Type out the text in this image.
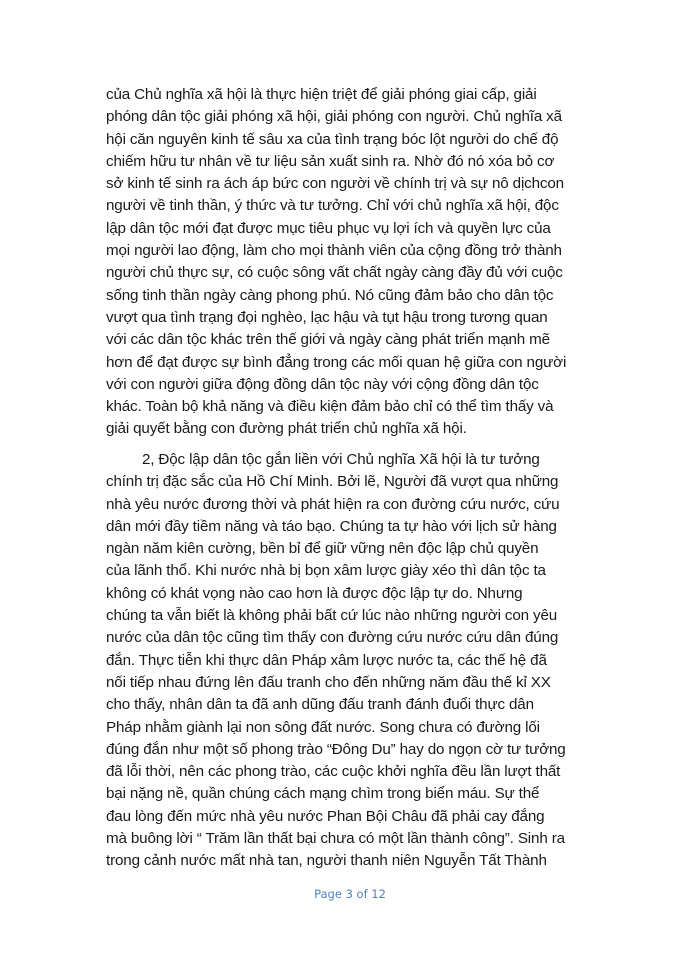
của Chủ nghĩa xã hội là thực hiện triệt để giải phóng giai cấp, giải
phóng dân tộc giải phóng xã hội, giải phóng con người. Chủ nghĩa xã
hội căn nguyên kinh tế sâu xa của tình trạng bóc lột người do chế độ
chiếm hữu tư nhân về tư liệu sản xuất sinh ra. Nhờ đó nó xóa bỏ cơ
sở kinh tế sinh ra ách áp bức con người về chính trị và sự nô dịchcon
người về tinh thần, ý thức và tư tưởng. Chỉ với chủ nghĩa xã hội, độc
lập dân tộc mới đạt được mục tiêu phục vụ lợi ích và quyền lực của
mọi người lao động, làm cho mọi thành viên của cộng đồng trở thành
người chủ thực sự, có cuộc sông vất chất ngày càng đầy đủ với cuộc
sống tinh thần ngày càng phong phú. Nó cũng đảm bảo cho dân tộc
vượt qua tình trạng đọi nghèo, lạc hậu và tụt hậu trong tương quan
với các dân tộc khác trên thế giới và ngày càng phát triển mạnh mẽ
hơn để đạt được sự bình đẳng trong các mối quan hệ giữa con người
với con người giữa động đồng dân tộc này với cộng đồng dân tộc
khác. Toàn bộ khả năng và điều kiện đảm bảo chỉ có thể tìm thấy và
giải quyết bằng con đường phát triển chủ nghĩa xã hội.
2, Độc lập dân tộc gắn liền với Chủ nghĩa Xã hội là tư tưởng
chính trị đặc sắc của Hồ Chí Minh. Bởi lẽ, Người đã vượt qua những
nhà yêu nước đương thời và phát hiện ra con đường cứu nước, cứu
dân mới đầy tiềm năng và táo bạo. Chúng ta tự hào với lịch sử hàng
ngàn năm kiên cường, bền bỉ để giữ vững nên độc lập chủ quyền
của lãnh thổ. Khi nước nhà bị bọn xâm lược giày xéo thì dân tộc ta
không có khát vọng nào cao hơn là được độc lập tự do. Nhưng
chúng ta vẫn biết là không phải bất cứ lúc nào những người con yêu
nước của dân tộc cũng tìm thấy con đường cứu nước cứu dân đúng
đắn. Thực tiễn khi thực dân Pháp xâm lược nước ta, các thế hệ đã
nối tiếp nhau đứng lên đấu tranh cho đến những năm đầu thế kỉ XX
cho thấy, nhân dân ta đã anh dũng đấu tranh đánh đuổi thực dân
Pháp nhằm giành lại non sông đất nước. Song chưa có đường lối
đúng đắn như một số phong trào “Đông Du” hay do ngọn cờ tư tưởng
đã lỗi thời, nên các phong trào, các cuộc khởi nghĩa đều lần lượt thất
bại nặng nề, quần chúng cách mạng chìm trong biển máu. Sự thể
đau lòng đến mức nhà yêu nước Phan Bội Châu đã phải cay đắng
mà buông lời “ Trăm lần thất bại chưa có một lần thành công”. Sinh ra
trong cảnh nước mất nhà tan, người thanh niên Nguyễn Tất Thành
Page 3 of 12
